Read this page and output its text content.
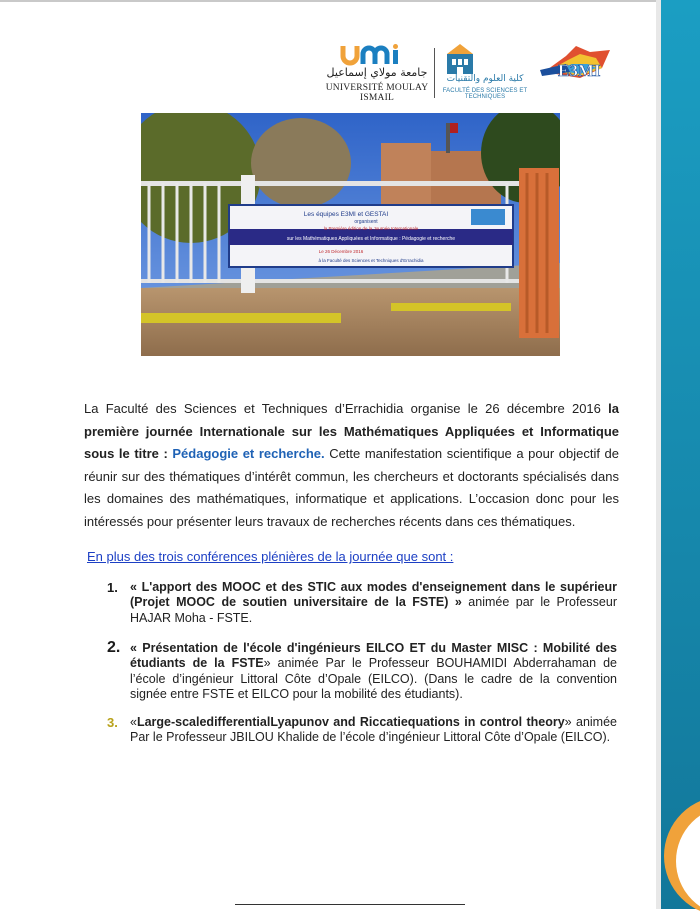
جامعة مولاي إسماعيل
UNIVERSITÉ MOULAY ISMAIL
كلية العلوم والتقنيات
FACULTÉ DES SCIENCES ET TECHNIQUES
E3MI
Les équipes E3MI et GESTAI
organisent
la Première édition de la Journée Internationale
sur les Mathématiques Appliquées et Informatique : Pédagogie et recherche
Le 26 Décembre 2016
à la Faculté des Sciences et Techniques d'Errachidia
La Faculté des Sciences et Techniques d’Errachidia organise le 26 décembre 2016 la première journée Internationale sur les Mathématiques Appliquées et Informatique sous le titre : Pédagogie et recherche. Cette manifestation scientifique a pour objectif de réunir sur des thématiques d’intérêt commun, les chercheurs et doctorants spécialisés dans les domaines des mathématiques, informatique et applications. L’occasion donc pour les intéressés pour présenter leurs travaux de recherches récents dans ces thématiques.
En plus des trois conférences plénières de la journée que sont :
1. « L'apport des MOOC et des STIC aux modes d'enseignement dans le supérieur (Projet MOOC de soutien universitaire de la FSTE) » animée par le Professeur HAJAR Moha - FSTE.
2. « Présentation de l'école d'ingénieurs EILCO ET du Master MISC : Mobilité des étudiants de la FSTE» animée Par le Professeur BOUHAMIDI Abderrahaman de l’école d’ingénieur Littoral Côte d’Opale (EILCO). (Dans le cadre de la convention signée entre FSTE et EILCO pour la mobilité des étudiants).
3. «Large-scaledifferentialLyapunov and Riccatiequations in control theory» animée Par le Professeur JBILOU Khalide de l’école d’ingénieur Littoral Côte d’Opale (EILCO).
